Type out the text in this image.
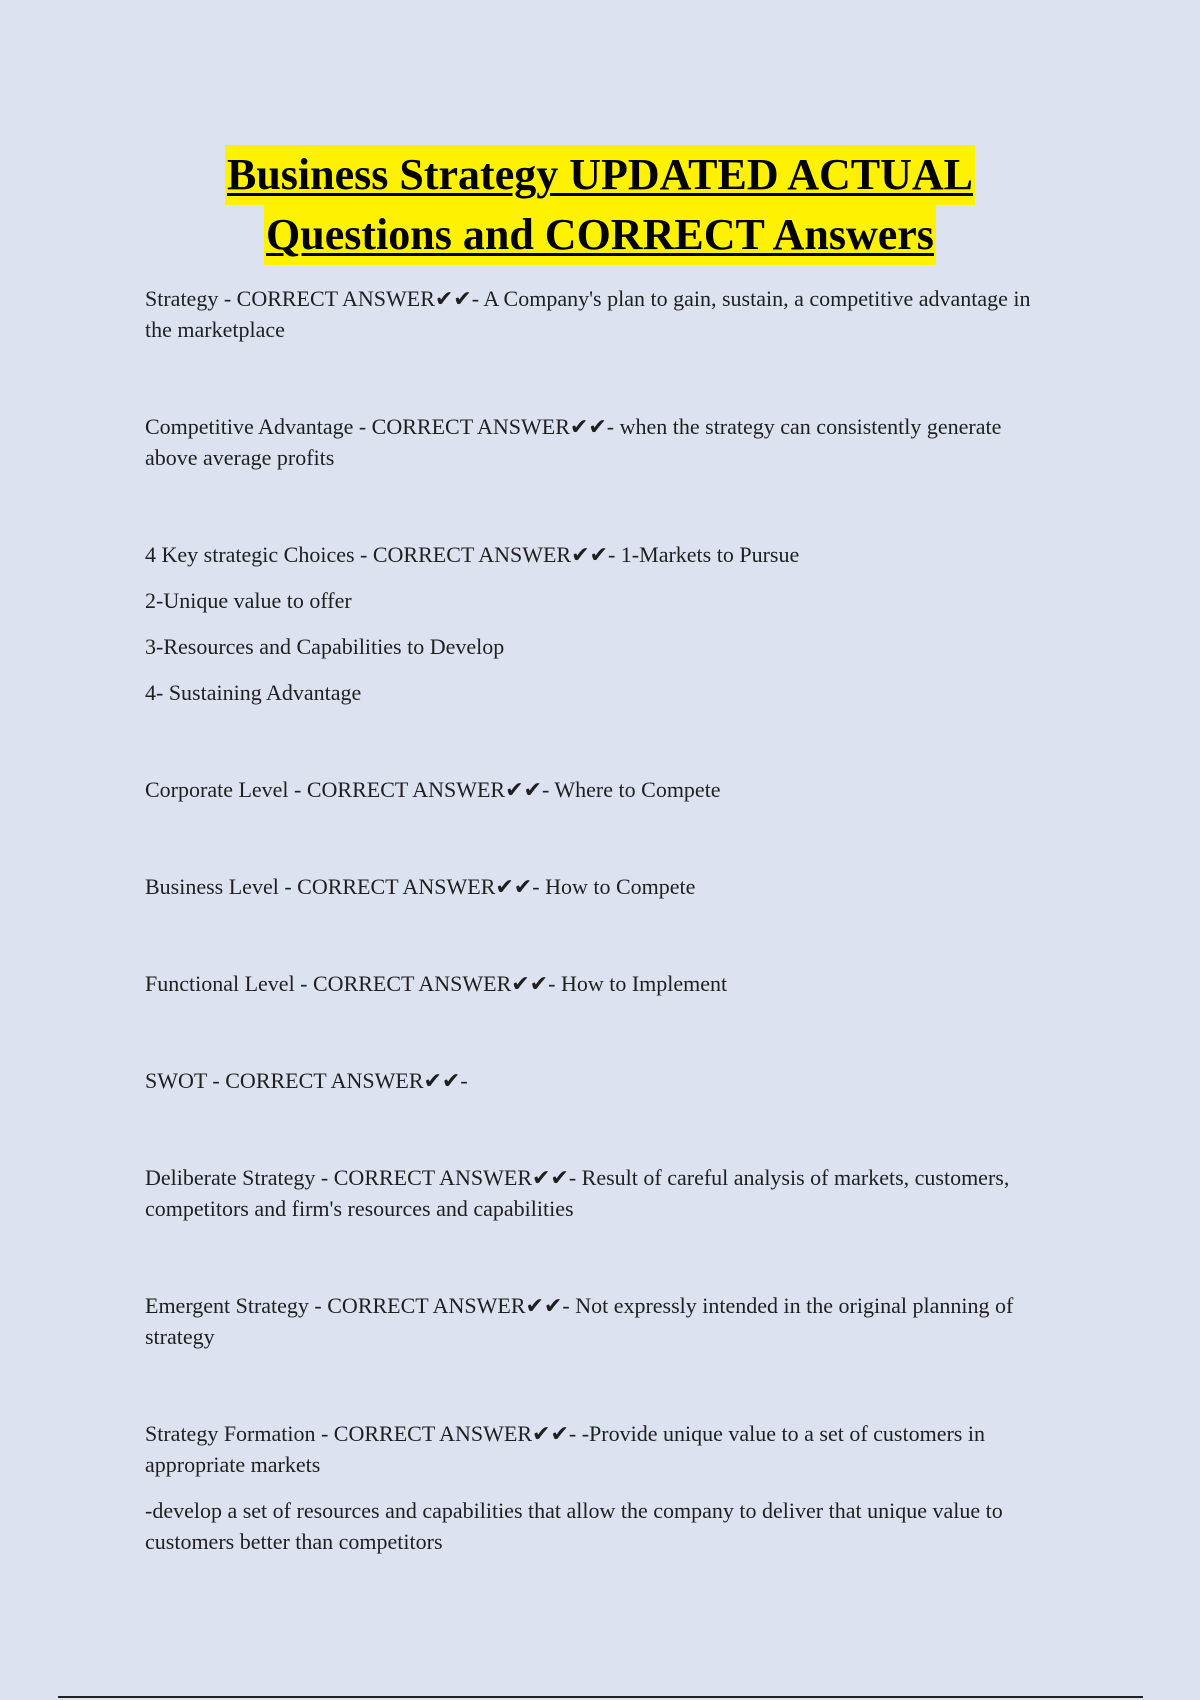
Business Strategy UPDATED ACTUAL
Questions and CORRECT Answers

Strategy - CORRECT ANSWER✔✔- A Company's plan to gain, sustain, a competitive advantage in the marketplace

Competitive Advantage - CORRECT ANSWER✔✔- when the strategy can consistently generate above average profits

4 Key strategic Choices - CORRECT ANSWER✔✔- 1-Markets to Pursue

2-Unique value to offer

3-Resources and Capabilities to Develop

4- Sustaining Advantage

Corporate Level - CORRECT ANSWER✔✔- Where to Compete

Business Level - CORRECT ANSWER✔✔- How to Compete

Functional Level - CORRECT ANSWER✔✔- How to Implement

SWOT - CORRECT ANSWER✔✔-

Deliberate Strategy - CORRECT ANSWER✔✔- Result of careful analysis of markets, customers, competitors and firm's resources and capabilities

Emergent Strategy - CORRECT ANSWER✔✔- Not expressly intended in the original planning of strategy

Strategy Formation - CORRECT ANSWER✔✔- -Provide unique value to a set of customers in appropriate markets

-develop a set of resources and capabilities that allow the company to deliver that unique value to customers better than competitors
